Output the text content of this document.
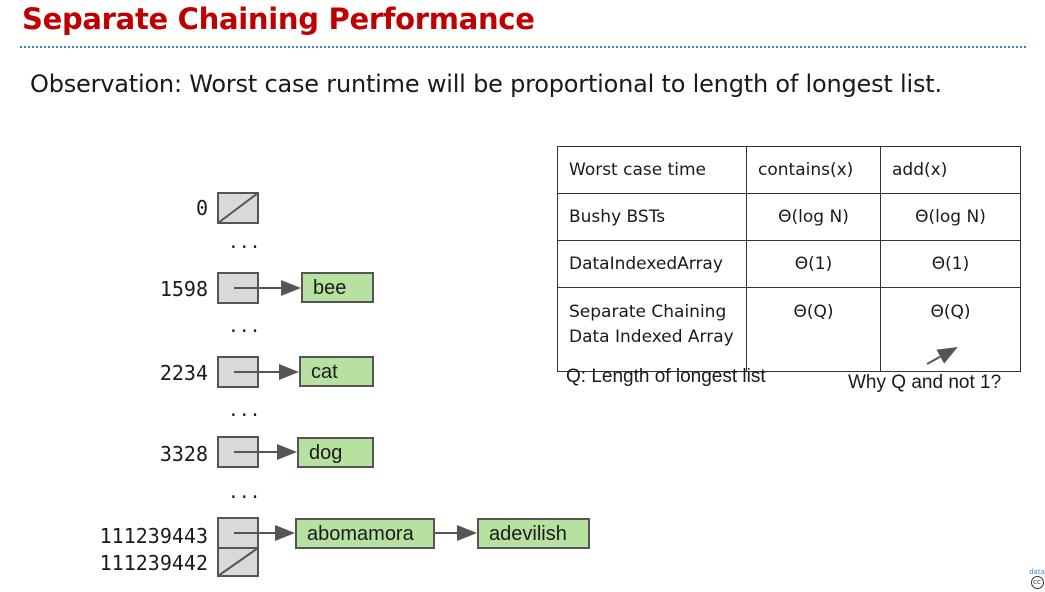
Separate Chaining Performance
Observation: Worst case runtime will be proportional to length of longest list.
0
1598
2234
3328
111239443
111239442
...
...
...
...
bee
cat
dog
abomamora	adevilish
Worst case time	contains(x)	add(x)
Bushy BSTs	Θ(log N)	Θ(log N)
DataIndexedArray	Θ(1)	Θ(1)
Separate Chaining
Data Indexed Array	Θ(Q)	Θ(Q)
Q: Length of longest list	Why Q and not 1?
data
cc
